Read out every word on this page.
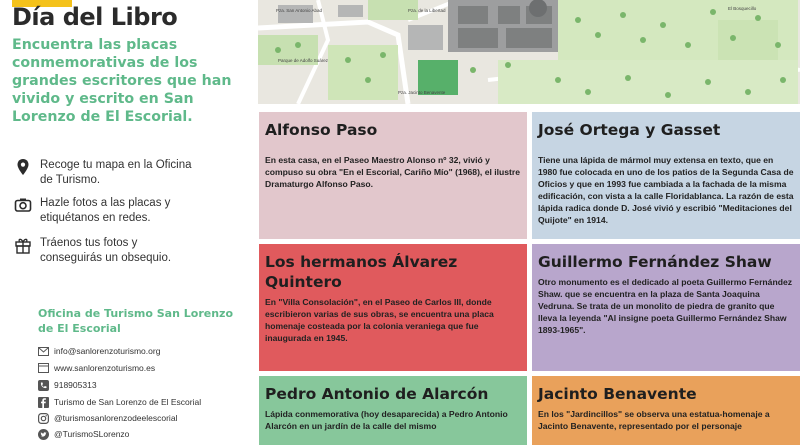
Día del Libro
Encuentra las placas conmemorativas de los grandes escritores que han vivido y escrito en San Lorenzo de El Escorial.
Recoge tu mapa en la Oficina de Turismo.
Hazle fotos a las placas y etiquétanos en redes.
Tráenos tus fotos y conseguirás un obsequio.
Oficina de Turismo San Lorenzo de El Escorial
info@sanlorenzoturismo.org
www.sanlorenzoturismo.es
918905313
Turismo de San Lorenzo de El Escorial
@turismosanlorenzodeelescorial
@TurismoSLorenzo
Pza. San Antonio Abad	Pza. de la Libertad
Parque de Adolfo Suárez
Pza. Jacinto Benavente
El Bosquecillo
Alfonso Paso
En esta casa, en el Paseo Maestro Alonso nº 32, vivió y compuso su obra "En el Escorial, Cariño Mío" (1968), el ilustre Dramaturgo Alfonso Paso.
José Ortega y Gasset
Tiene una lápida de mármol muy extensa en texto, que en 1980 fue colocada en uno de los patios de la Segunda Casa de Oficios y que en 1993 fue cambiada a la fachada de la misma edificación, con vista a la calle Floridablanca. La razón de esta lápida radica donde D. José vivió y escribió "Meditaciones del Quijote" en 1914.
Los hermanos Álvarez Quintero
En "Villa Consolación", en el Paseo de Carlos III, donde escribieron varias de sus obras, se encuentra una placa homenaje costeada por la colonia veraniega que fue inaugurada en 1945.
Guillermo Fernández Shaw
Otro monumento es el dedicado al poeta Guillermo Fernández Shaw. que se encuentra en la plaza de Santa Joaquina Vedruna. Se trata de un monolito de piedra de granito que lleva la leyenda "Al insigne poeta Guillermo Fernández Shaw 1893-1965".
Pedro Antonio de Alarcón
Lápida conmemorativa (hoy desaparecida) a Pedro Antonio Alarcón en un jardín de la calle del mismo
Jacinto Benavente
En los "Jardincillos" se observa una estatua-homenaje a Jacinto Benavente, representado por el personaje
